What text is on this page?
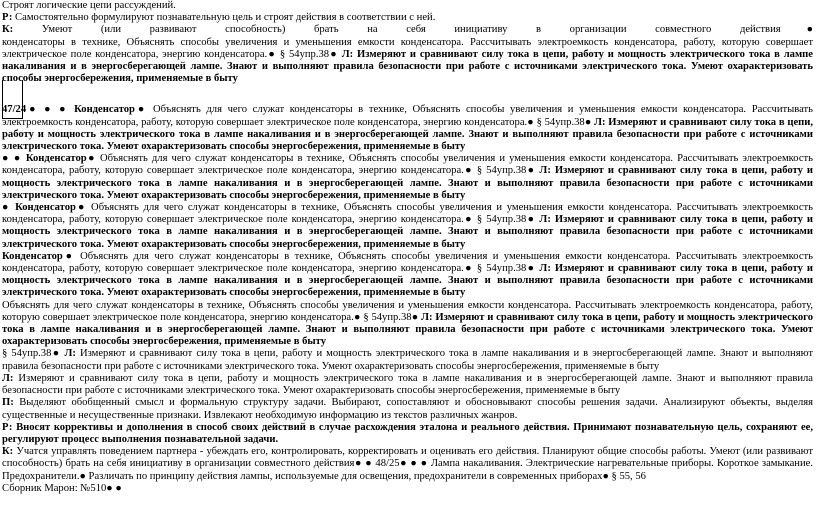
Строят логические цепи рассуждений.

Р: Самостоятельно формулируют познавательную цель и строят действия в соответствии с ней.

К: Умеют (или развивают способность) брать на себя инициативу в организации совместного действия●

конденсаторы в технике, Объяснять способы увеличения и уменьшения емкости конденсатора. Рассчитывать электроемкость конденсатора, работу, которую совершает электрическое поле конденсатора, энергию конденсатора.● § 54упр.38● Л: Измеряют и сравнивают силу тока в цепи, работу и мощность электрического тока в лампе накаливания и в энергосберегающей лампе. Знают и выполняют правила безопасности при работе с источниками электрического тока. Умеют охарактеризовать способы энергосбережения, применяемые в быту

47/24● ● ● Конденсатор● Объяснять для чего служат конденсаторы в технике, Объяснять способы увеличения и уменьшения емкости конденсатора. Рассчитывать электроемкость конденсатора, работу, которую совершает электрическое поле конденсатора, энергию конденсатора.● § 54упр.38● Л: Измеряют и сравнивают силу тока в цепи, работу и мощность электрического тока в лампе накаливания и в энергосберегающей лампе. Знают и выполняют правила безопасности при работе с источниками электрического тока. Умеют охарактеризовать способы энергосбережения, применяемые в быту

● ● Конденсатор● Объяснять для чего служат конденсаторы в технике, Объяснять способы увеличения и уменьшения емкости конденсатора. Рассчитывать электроемкость конденсатора, работу, которую совершает электрическое поле конденсатора, энергию конденсатора.● § 54упр.38● Л: Измеряют и сравнивают силу тока в цепи, работу и мощность электрического тока в лампе накаливания и в энергосберегающей лампе. Знают и выполняют правила безопасности при работе с источниками электрического тока. Умеют охарактеризовать способы энергосбережения, применяемые в быту

● Конденсатор● Объяснять для чего служат конденсаторы в технике, Объяснять способы увеличения и уменьшения емкости конденсатора. Рассчитывать электроемкость конденсатора, работу, которую совершает электрическое поле конденсатора, энергию конденсатора.● § 54упр.38● Л: Измеряют и сравнивают силу тока в цепи, работу и мощность электрического тока в лампе накаливания и в энергосберегающей лампе. Знают и выполняют правила безопасности при работе с источниками электрического тока. Умеют охарактеризовать способы энергосбережения, применяемые в быту

Конденсатор● Объяснять для чего служат конденсаторы в технике, Объяснять способы увеличения и уменьшения емкости конденсатора. Рассчитывать электроемкость конденсатора, работу, которую совершает электрическое поле конденсатора, энергию конденсатора.● § 54упр.38● Л: Измеряют и сравнивают силу тока в цепи, работу и мощность электрического тока в лампе накаливания и в энергосберегающей лампе. Знают и выполняют правила безопасности при работе с источниками электрического тока. Умеют охарактеризовать способы энергосбережения, применяемые в быту

Объяснять для чего служат конденсаторы в технике, Объяснять способы увеличения и уменьшения емкости конденсатора. Рассчитывать электроемкость конденсатора, работу, которую совершает электрическое поле конденсатора, энергию конденсатора.● § 54упр.38● Л: Измеряют и сравнивают силу тока в цепи, работу и мощность электрического тока в лампе накаливания и в энергосберегающей лампе. Знают и выполняют правила безопасности при работе с источниками электрического тока. Умеют охарактеризовать способы энергосбережения, применяемые в быту

§ 54упр.38● Л: Измеряют и сравнивают силу тока в цепи, работу и мощность электрического тока в лампе накаливания и в энергосберегающей лампе. Знают и выполняют правила безопасности при работе с источниками электрического тока. Умеют охарактеризовать способы энергосбережения, применяемые в быту

Л: Измеряют и сравнивают силу тока в цепи, работу и мощность электрического тока в лампе накаливания и в энергосберегающей лампе. Знают и выполняют правила безопасности при работе с источниками электрического тока. Умеют охарактеризовать способы энергосбережения, применяемые в быту

П: Выделяют обобщенный смысл и формальную структуру задачи. Выбирают, сопоставляют и обосновывают способы решения задачи. Анализируют объекты, выделяя существенные и несущественные признаки. Извлекают необходимую информацию из текстов различных жанров.

Р: Вносят коррективы и дополнения в способ своих действий в случае расхождения эталона и реального действия. Принимают познавательную цель, сохраняют ее, регулируют процесс выполнения познавательной задачи.

К: Учатся управлять поведением партнера - убеждать его, контролировать, корректировать и оценивать его действия. Планируют общие способы работы. Умеют (или развивают способность) брать на себя инициативу в организации совместного действия● ● 48/25● ● ● Лампа накаливания. Электрические нагревательные приборы. Короткое замыкание. Предохранители.● Различать по принципу действия лампы, используемые для освещения, предохранители в современных приборах● § 55, 56

Сборник Марон: №510● ●
